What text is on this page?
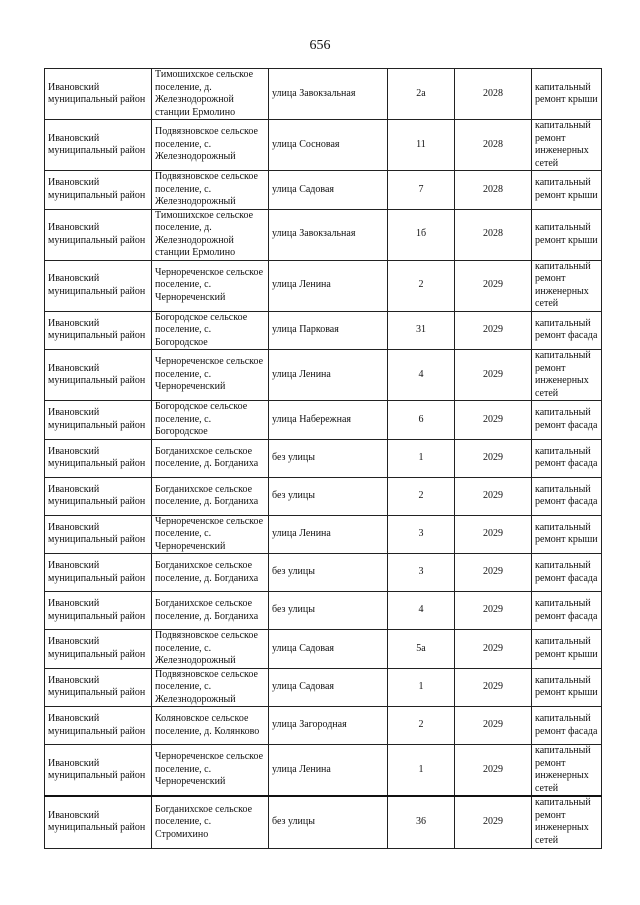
656
Ивановский муниципальный район	Тимошихское сельское поселение, д. Железнодорожной станции Ермолино	улица Завокзальная	2а	2028	капитальный ремонт крыши
Ивановский муниципальный район	Подвязновское сельское поселение, с. Железнодорожный	улица Сосновая	11	2028	капитальный ремонт инженерных сетей
Ивановский муниципальный район	Подвязновское сельское поселение, с. Железнодорожный	улица Садовая	7	2028	капитальный ремонт крыши
Ивановский муниципальный район	Тимошихское сельское поселение, д. Железнодорожной станции Ермолино	улица Завокзальная	1б	2028	капитальный ремонт крыши
Ивановский муниципальный район	Чернореченское сельское поселение, с. Чернореченский	улица Ленина	2	2029	капитальный ремонт инженерных сетей
Ивановский муниципальный район	Богородское сельское поселение, с. Богородское	улица Парковая	31	2029	капитальный ремонт фасада
Ивановский муниципальный район	Чернореченское сельское поселение, с. Чернореченский	улица Ленина	4	2029	капитальный ремонт инженерных сетей
Ивановский муниципальный район	Богородское сельское поселение, с. Богородское	улица Набережная	6	2029	капитальный ремонт фасада
Ивановский муниципальный район	Богданихское сельское поселение, д. Богданиха	без улицы	1	2029	капитальный ремонт фасада
Ивановский муниципальный район	Богданихское сельское поселение, д. Богданиха	без улицы	2	2029	капитальный ремонт фасада
Ивановский муниципальный район	Чернореченское сельское поселение, с. Чернореченский	улица Ленина	3	2029	капитальный ремонт крыши
Ивановский муниципальный район	Богданихское сельское поселение, д. Богданиха	без улицы	3	2029	капитальный ремонт фасада
Ивановский муниципальный район	Богданихское сельское поселение, д. Богданиха	без улицы	4	2029	капитальный ремонт фасада
Ивановский муниципальный район	Подвязновское сельское поселение, с. Железнодорожный	улица Садовая	5а	2029	капитальный ремонт крыши
Ивановский муниципальный район	Подвязновское сельское поселение, с. Железнодорожный	улица Садовая	1	2029	капитальный ремонт крыши
Ивановский муниципальный район	Коляновское сельское поселение, д. Колянково	улица Загородная	2	2029	капитальный ремонт фасада
Ивановский муниципальный район	Чернореченское сельское поселение, с. Чернореченский	улица Ленина	1	2029	капитальный ремонт инженерных сетей
Ивановский муниципальный район	Богданихское сельское поселение, с. Стромихино	без улицы	36	2029	капитальный ремонт инженерных сетей
